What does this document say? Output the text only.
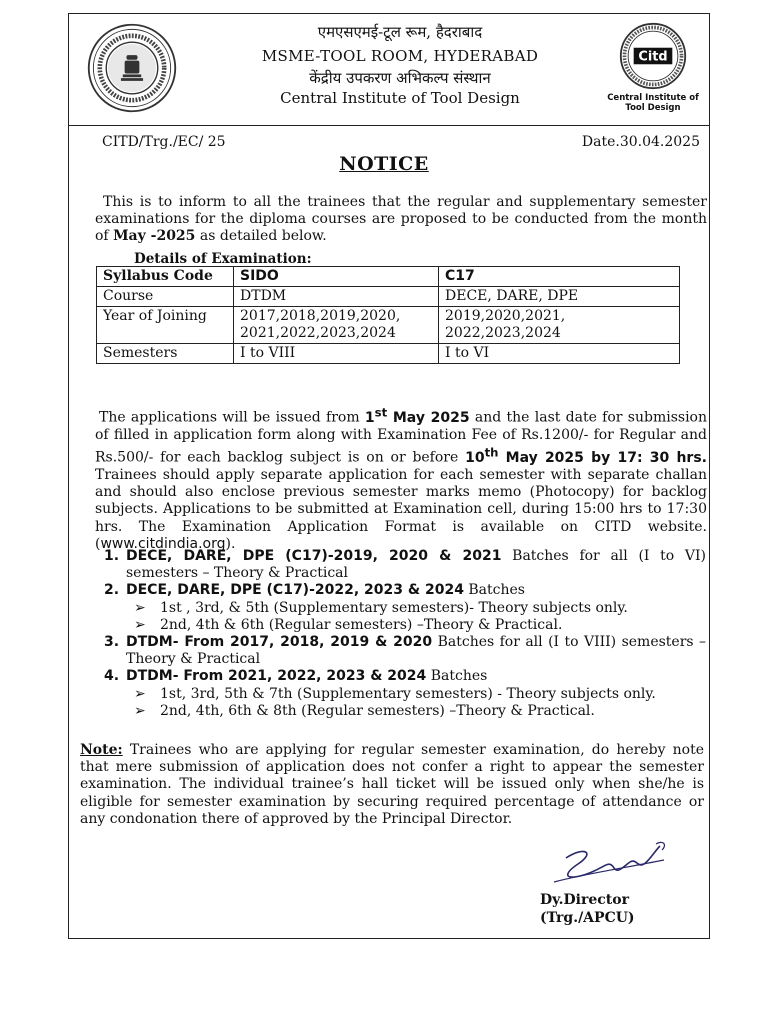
Citd
Central Institute of
Tool Design
एमएसएमई-टूल रूम, हैदराबाद
MSME-TOOL ROOM, HYDERABAD
केंद्रीय उपकरण अभिकल्प संस्थान
Central Institute of Tool Design
CITD/Trg./EC/ 25	Date.30.04.2025
NOTICE
This is to inform to all the trainees that the regular and supplementary semester examinations for the diploma courses are proposed to be conducted from the month of May -2025 as detailed below.
Details of Examination:
Syllabus Code	SIDO	C17
Course	DTDM	DECE, DARE, DPE
Year of Joining	2017,2018,2019,2020, 2021,2022,2023,2024	2019,2020,2021, 2022,2023,2024
Semesters	I to VIII	I to VI
The applications will be issued from 1st May 2025 and the last date for submission of filled in application form along with Examination Fee of Rs.1200/- for Regular and Rs.500/- for each backlog subject is on or before 10th May 2025 by 17: 30 hrs. Trainees should apply separate application for each semester with separate challan and should also enclose previous semester marks memo (Photocopy) for backlog subjects. Applications to be submitted at Examination cell, during 15:00 hrs to 17:30 hrs. The Examination Application Format is available on CITD website. (www.citdindia.org).
1. DECE, DARE, DPE (C17)-2019, 2020 & 2021 Batches for all (I to VI) semesters – Theory & Practical
2. DECE, DARE, DPE (C17)-2022, 2023 & 2024 Batches
➢ 1st , 3rd, & 5th (Supplementary semesters)- Theory subjects only.
➢ 2nd, 4th & 6th (Regular semesters) –Theory & Practical.
3. DTDM- From 2017, 2018, 2019 & 2020 Batches for all (I to VIII) semesters – Theory & Practical
4. DTDM- From 2021, 2022, 2023 & 2024 Batches
➢ 1st, 3rd, 5th & 7th (Supplementary semesters) - Theory subjects only.
➢ 2nd, 4th, 6th & 8th (Regular semesters) –Theory & Practical.
Note: Trainees who are applying for regular semester examination, do hereby note that mere submission of application does not confer a right to appear the semester examination. The individual trainee’s hall ticket will be issued only when she/he is eligible for semester examination by securing required percentage of attendance or any condonation there of approved by the Principal Director.
Dy.Director
(Trg./APCU)
